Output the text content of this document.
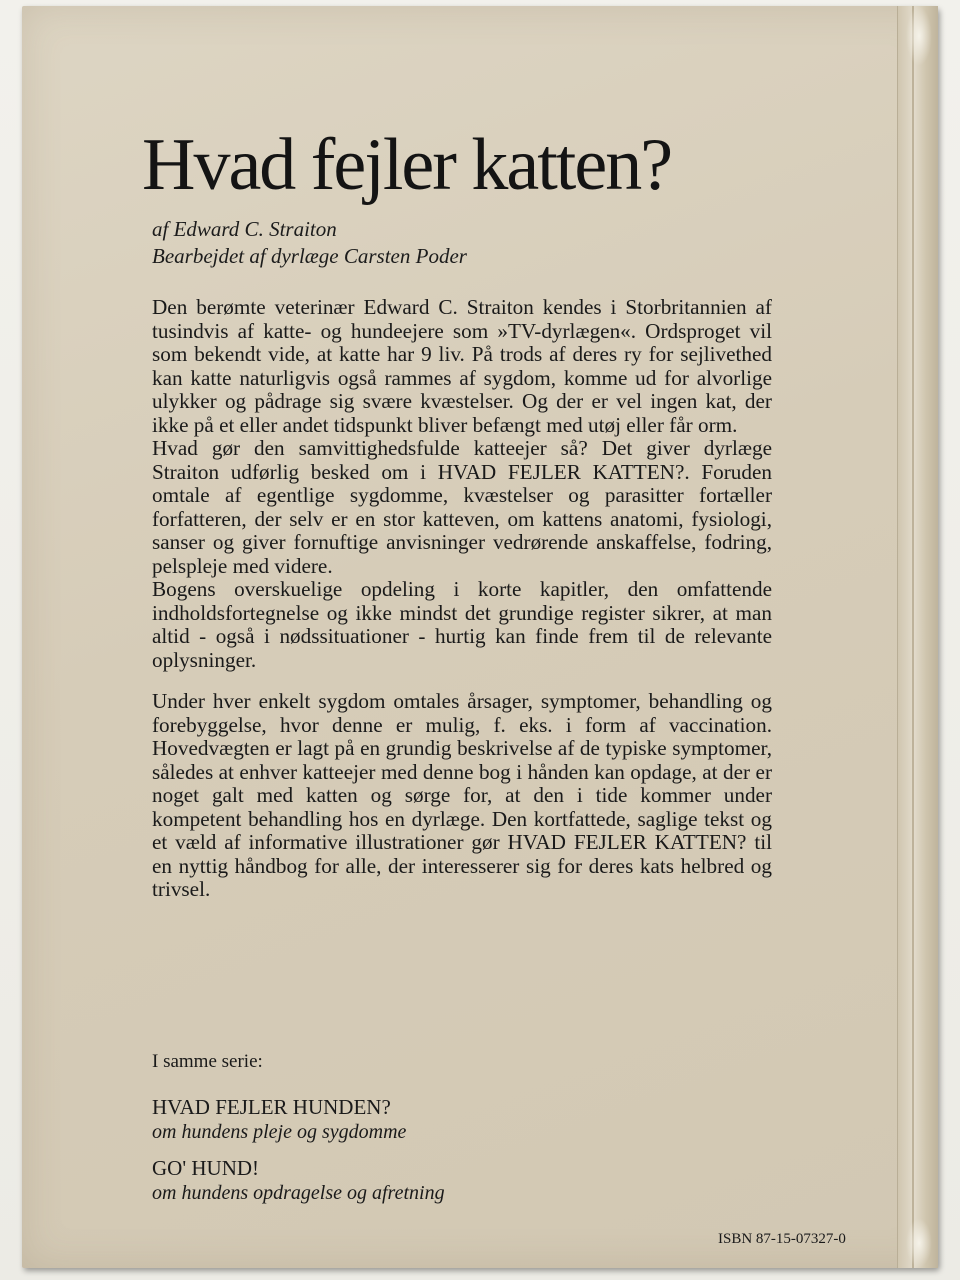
Hvad fejler katten?
af Edward C. Straiton
Bearbejdet af dyrlæge Carsten Poder

Den berømte veterinær Edward C. Straiton kendes i Storbritannien af tusindvis af katte- og hundeejere som »TV-dyrlægen«. Ordsproget vil som bekendt vide, at katte har 9 liv. På trods af deres ry for sejlivethed kan katte naturligvis også rammes af sygdom, komme ud for alvorlige ulykker og pådrage sig svære kvæstelser. Og der er vel ingen kat, der ikke på et eller andet tidspunkt bliver befængt med utøj eller får orm.

Hvad gør den samvittighedsfulde katteejer så? Det giver dyrlæge Straiton udførlig besked om i HVAD FEJLER KATTEN?. Foruden omtale af egentlige sygdomme, kvæstelser og parasitter fortæller forfatteren, der selv er en stor katteven, om kattens anatomi, fysiologi, sanser og giver fornuftige anvisninger vedrørende anskaffelse, fodring, pelspleje med videre.

Bogens overskuelige opdeling i korte kapitler, den omfattende indholdsfortegnelse og ikke mindst det grundige register sikrer, at man altid - også i nødssituationer - hurtig kan finde frem til de relevante oplysninger.

Under hver enkelt sygdom omtales årsager, symptomer, behandling og forebyggelse, hvor denne er mulig, f. eks. i form af vaccination. Hovedvægten er lagt på en grundig beskrivelse af de typiske symptomer, således at enhver katteejer med denne bog i hånden kan opdage, at der er noget galt med katten og sørge for, at den i tide kommer under kompetent behandling hos en dyrlæge. Den kortfattede, saglige tekst og et væld af informative illustrationer gør HVAD FEJLER KATTEN? til en nyttig håndbog for alle, der interesserer sig for deres kats helbred og trivsel.

I samme serie:
HVAD FEJLER HUNDEN?
om hundens pleje og sygdomme
GO' HUND!
om hundens opdragelse og afretning
ISBN 87-15-07327-0
